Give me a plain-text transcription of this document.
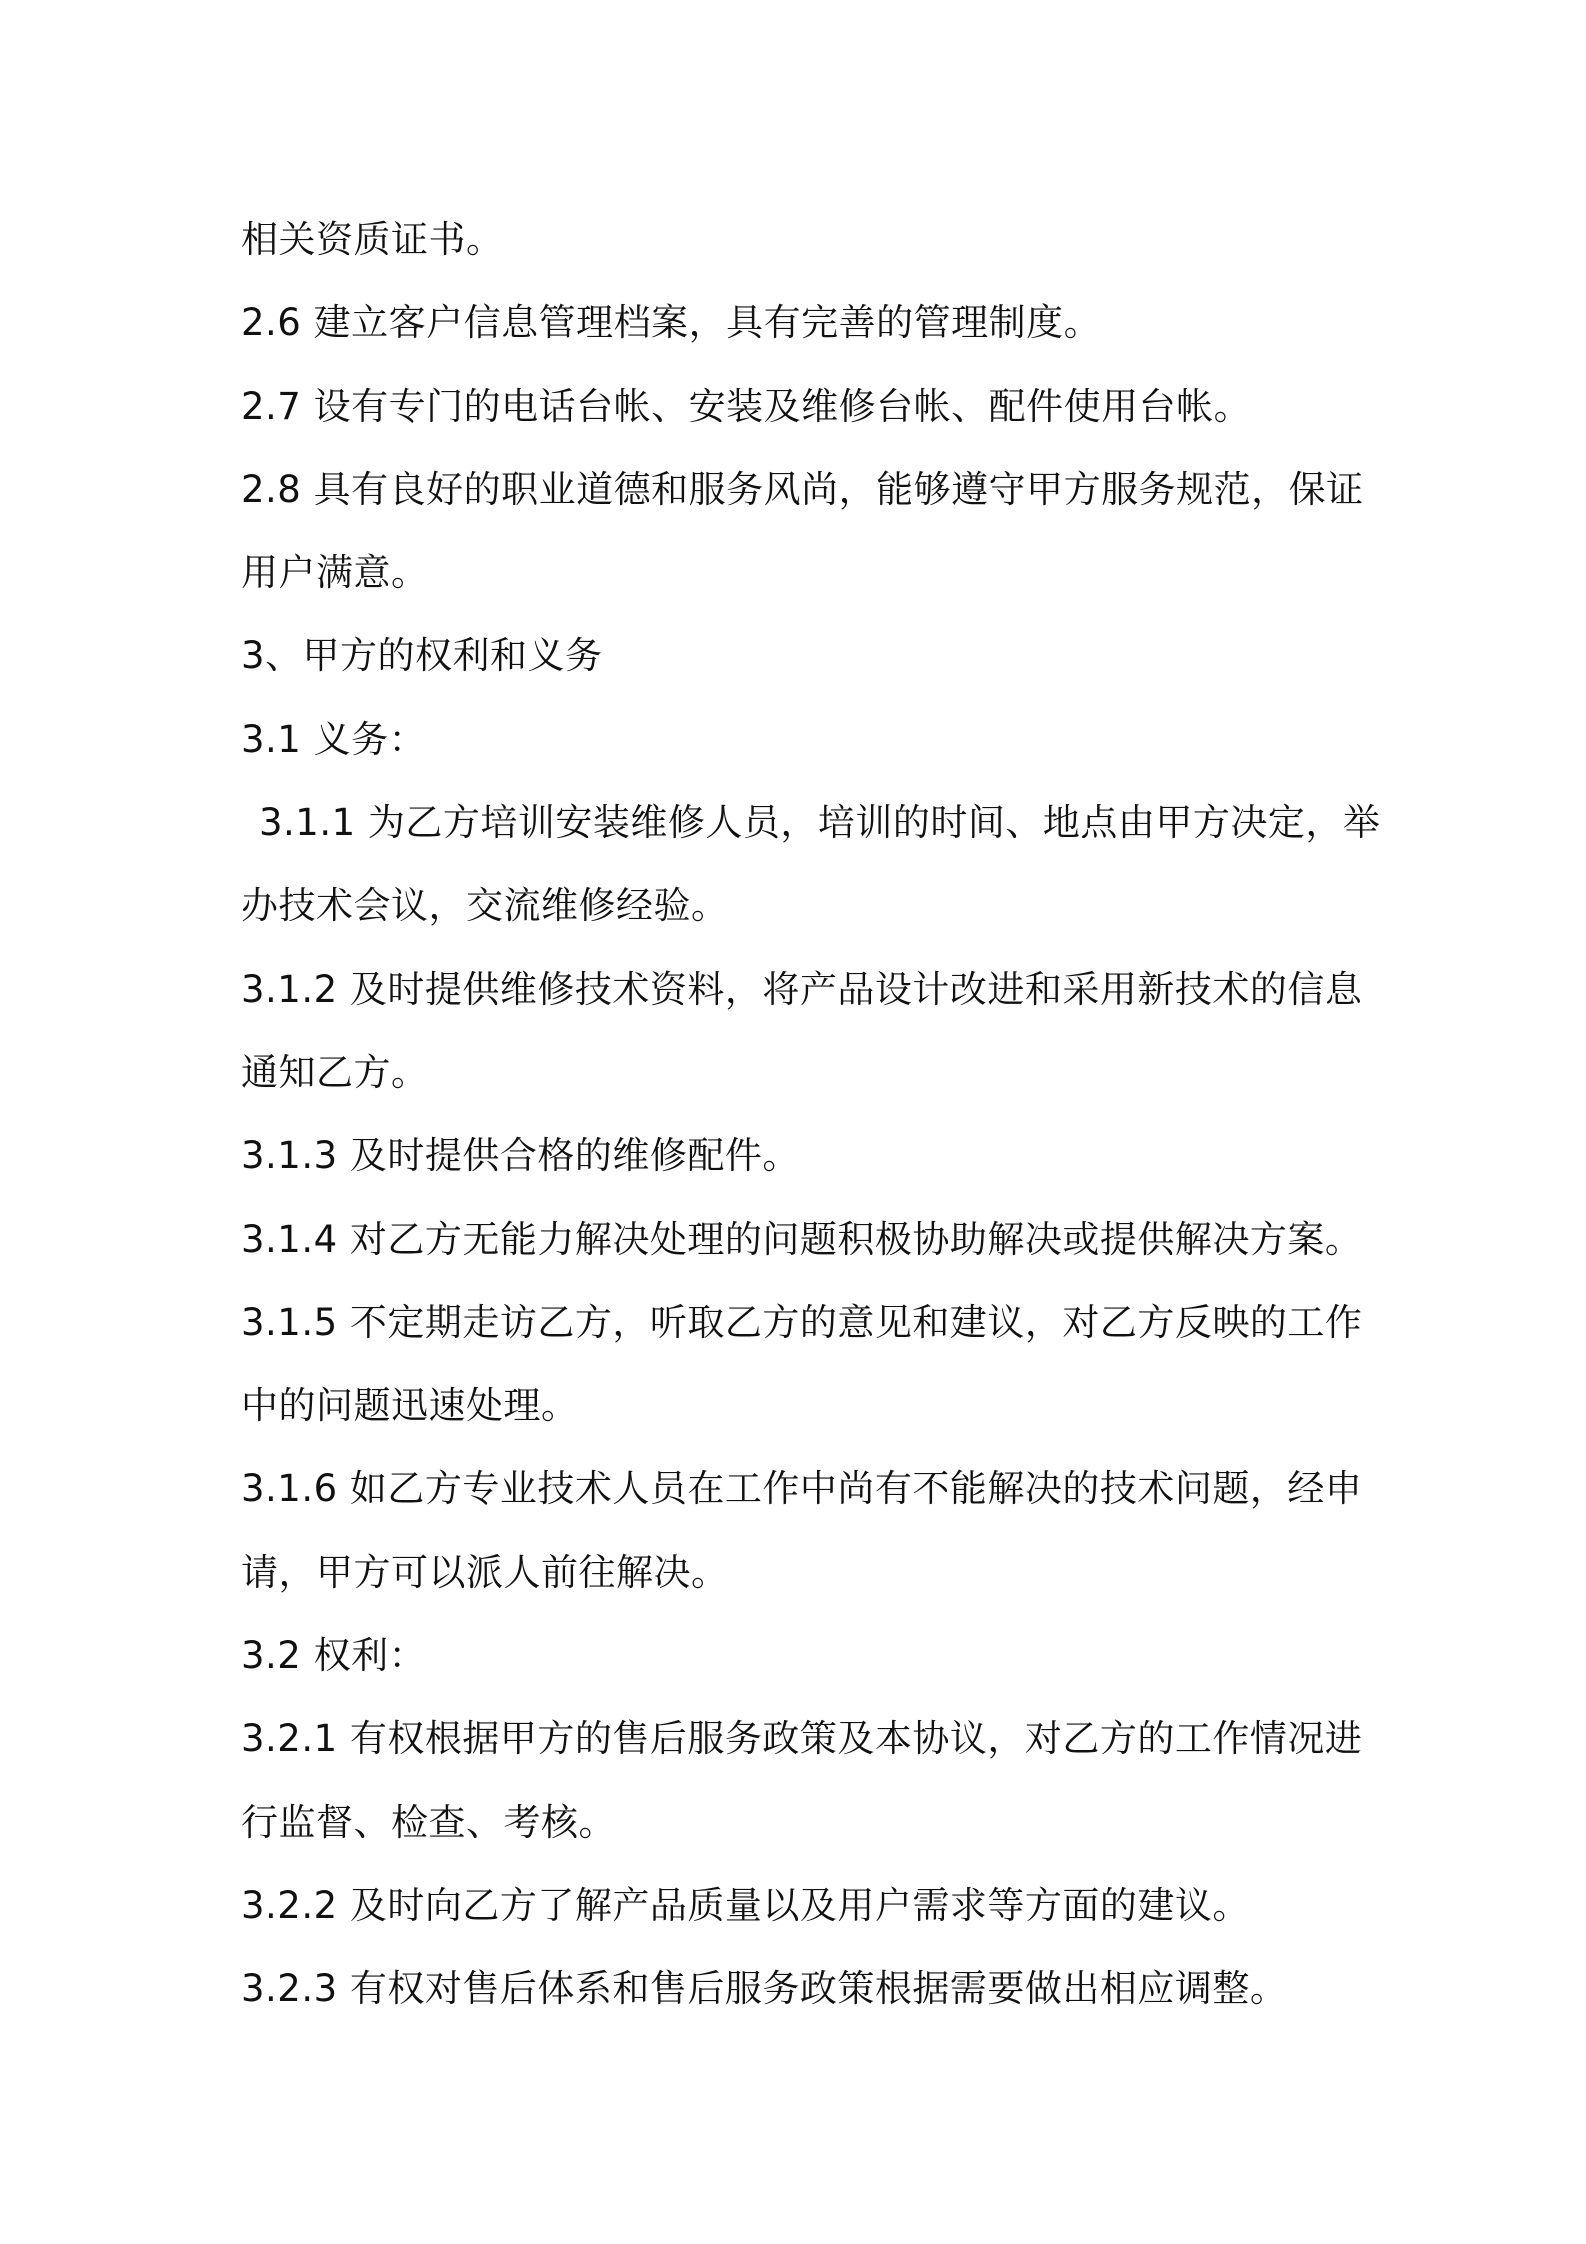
相关资质证书。
2.6 建立客户信息管理档案，具有完善的管理制度。
2.7 设有专门的电话台帐、安装及维修台帐、配件使用台帐。
2.8 具有良好的职业道德和服务风尚，能够遵守甲方服务规范，保证
用户满意。
3、甲方的权利和义务
3.1 义务：
3.1.1 为乙方培训安装维修人员，培训的时间、地点由甲方决定，举
办技术会议，交流维修经验。
3.1.2 及时提供维修技术资料，将产品设计改进和采用新技术的信息
通知乙方。
3.1.3 及时提供合格的维修配件。
3.1.4 对乙方无能力解决处理的问题积极协助解决或提供解决方案。
3.1.5 不定期走访乙方，听取乙方的意见和建议，对乙方反映的工作
中的问题迅速处理。
3.1.6 如乙方专业技术人员在工作中尚有不能解决的技术问题，经申
请，甲方可以派人前往解决。
3.2 权利：
3.2.1 有权根据甲方的售后服务政策及本协议，对乙方的工作情况进
行监督、检查、考核。
3.2.2 及时向乙方了解产品质量以及用户需求等方面的建议。
3.2.3 有权对售后体系和售后服务政策根据需要做出相应调整。
